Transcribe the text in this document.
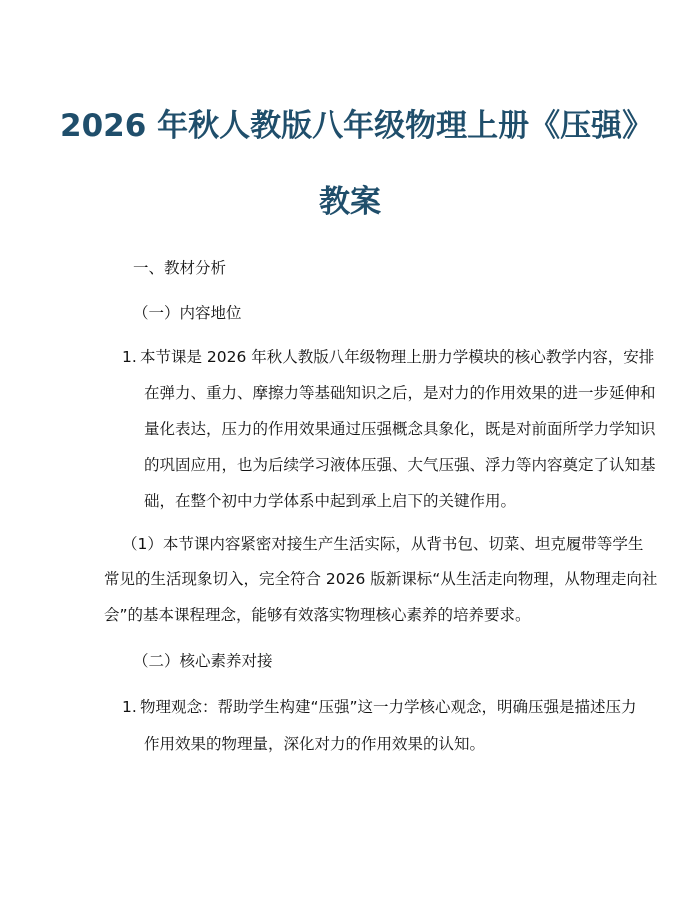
2026 年秋人教版八年级物理上册《压强》
教案
一、教材分析
（一）内容地位
1. 本节课是 2026 年秋人教版八年级物理上册力学模块的核心教学内容，安排
在弹力、重力、摩擦力等基础知识之后，是对力的作用效果的进一步延伸和
量化表达，压力的作用效果通过压强概念具象化，既是对前面所学力学知识
的巩固应用，也为后续学习液体压强、大气压强、浮力等内容奠定了认知基
础，在整个初中力学体系中起到承上启下的关键作用。
（1）本节课内容紧密对接生产生活实际，从背书包、切菜、坦克履带等学生
常见的生活现象切入，完全符合 2026 版新课标“从生活走向物理，从物理走向社
会”的基本课程理念，能够有效落实物理核心素养的培养要求。
（二）核心素养对接
1. 物理观念：帮助学生构建“压强”这一力学核心观念，明确压强是描述压力
作用效果的物理量，深化对力的作用效果的认知。
